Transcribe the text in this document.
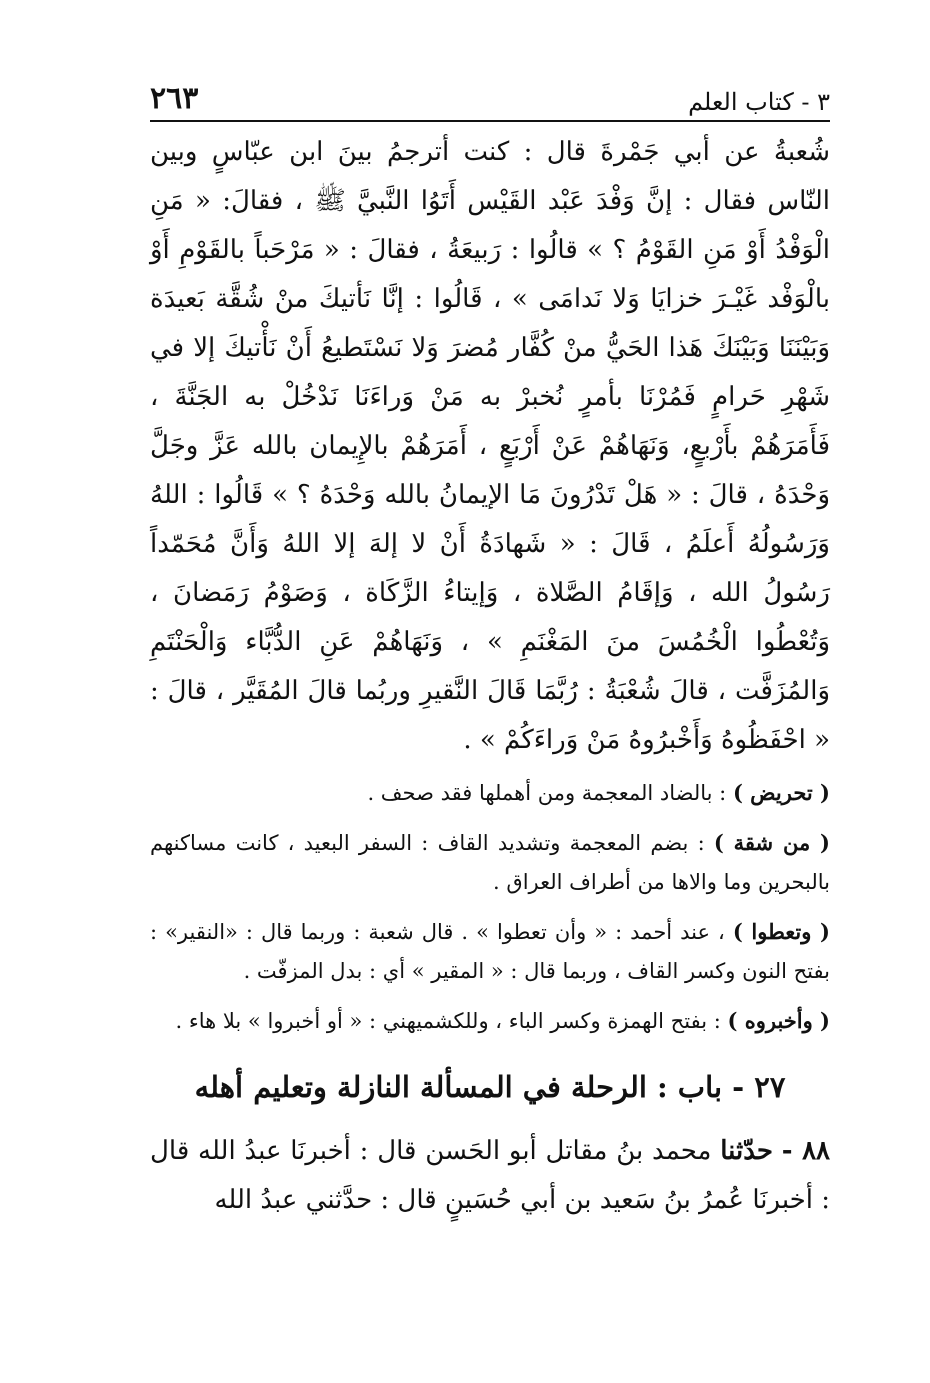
٣ - كتاب العلم
٢٦٣

شُعبةُ عن أبي جَمْرةَ قال : كنت أترجمُ بينَ ابن عبّاسٍ وبين النّاس فقال : إنَّ وَفْدَ عَبْد القَيْس أَتَوُا النَّبيَّ ﷺ ، فقالَ: « مَنِ الْوَفْدُ أَوْ مَنِ القَوْمُ ؟ » قالُوا : رَبيعَةُ ، فقالَ : « مَرْحَباً بالقَوْمِ أَوْ بالْوَفْد غَيْـرَ خزايَا وَلا نَدامَى » ، قَالُوا : إنَّا نَأتيكَ منْ شُقَّة بَعيدَة وَبَيْنَنَا وَبَيْنَكَ هَذا الحَيُّ منْ كُفَّار مُضرَ وَلا نَسْتَطيعُ أَنْ نَأْتيكَ إلا في شَهْرِ حَرامٍ فَمُرْنَا بأمرٍ نُخبرْ به مَنْ وَراءَنَا نَدْخُلْ به الجَنَّةَ ، فَأَمَرَهُمْ بأَرْبعٍ، وَنَهَاهُمْ عَنْ أَرْبَعٍ ، أَمَرَهُمْ بالإِيمان بالله عَزَّ وجَلَّ وَحْدَهُ ، قالَ : « هَلْ تَدْرُونَ مَا الإيمانُ بالله وَحْدَهُ ؟ » قَالُوا : اللهُ وَرَسُولُهُ أَعلَمُ ، قَالَ : « شَهادَةُ أَنْ لا إلهَ إلا اللهُ وَأَنَّ مُحَمّداً رَسُولُ الله ، وَإقَامُ الصَّلاة ، وَإيتاءُ الزَّكَاة ، وَصَوْمُ رَمَضانَ ، وَتُعْطُوا الْخُمُسَ منَ المَغْنَمِ » ، وَنَهَاهُمْ عَنِ الدُّبَّاء وَالْحَنْتَمِ وَالمُزَفَّت ، قالَ شُعْبَةُ : رُبَّمَا قَالَ النَّقيرِ وربُما قالَ المُقَيَّر ، قالَ : « احْفَظُوهُ وَأَخْبرُوهُ مَنْ وَراءَكُمْ » .

( تحريض ) : بالضاد المعجمة ومن أهملها فقد صحف .

( من شقة ) : بضم المعجمة وتشديد القاف : السفر البعيد ، كانت مساكنهم بالبحرين وما والاها من أطراف العراق .

( وتعطوا ) ، عند أحمد : « وأن تعطوا » . قال شعبة : وربما قال : «النقير» : بفتح النون وكسر القاف ، وربما قال : « المقير » أي : بدل المزفّت .

( وأخبروه ) : بفتح الهمزة وكسر الباء ، وللكشميهني : « أو أخبروا » بلا هاء .

٢٧ - باب : الرحلة في المسألة النازلة وتعليم أهله

٨٨ - حدّثنا محمد بنُ مقاتل أبو الحَسن قال : أخبرنَا عبدُ الله قال : أخبرنَا عُمرُ بنُ سَعيد بن أبي حُسَينٍ قال : حدَّثني عبدُ الله
